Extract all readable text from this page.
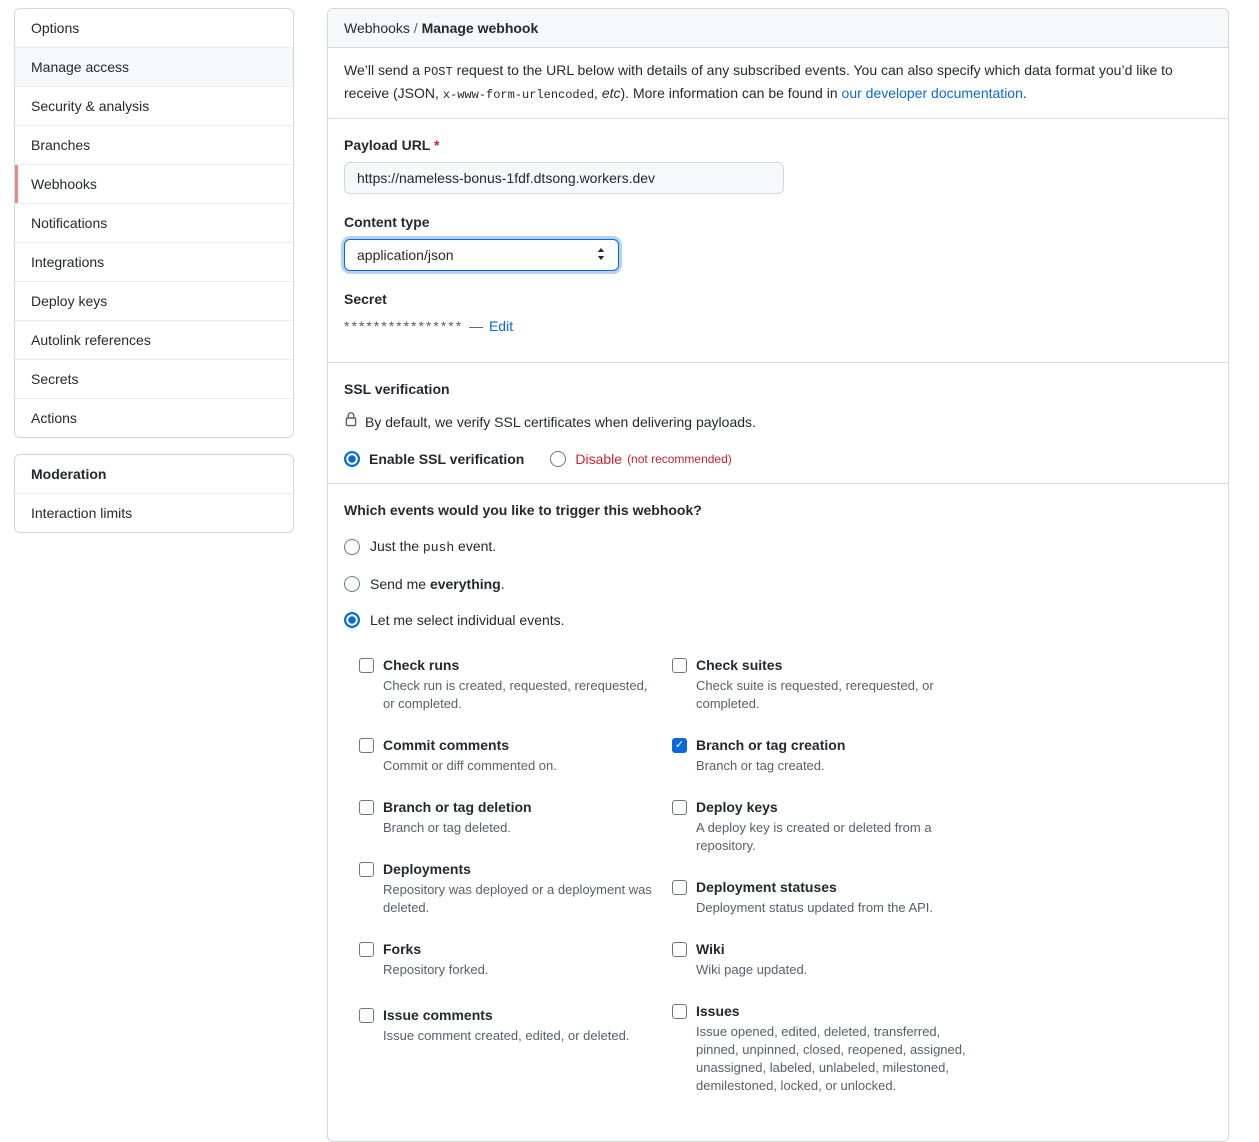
Options
Manage access
Security & analysis
Branches
Webhooks
Notifications
Integrations
Deploy keys
Autolink references
Secrets
Actions
Moderation
Interaction limits
Webhooks / Manage webhook

We’ll send a POST request to the URL below with details of any subscribed events. You can also specify which data format you’d like to receive (JSON, x-www-form-urlencoded, etc). More information can be found in our developer documentation.

Payload URL *
https://nameless-bonus-1fdf.dtsong.workers.dev
Content type
application/json
Secret
**************** — Edit
SSL verification
By default, we verify SSL certificates when delivering payloads.
Enable SSL verification	Disable (not recommended)
Which events would you like to trigger this webhook?
Just the push event.
Send me everything.
Let me select individual events.
Check runs
Check run is created, requested, rerequested, or completed.
Commit comments
Commit or diff commented on.
Branch or tag deletion
Branch or tag deleted.
Deployments
Repository was deployed or a deployment was deleted.
Forks
Repository forked.
Issue comments
Issue comment created, edited, or deleted.
Check suites
Check suite is requested, rerequested, or completed.
✓ Branch or tag creation
Branch or tag created.
Deploy keys
A deploy key is created or deleted from a repository.
Deployment statuses
Deployment status updated from the API.
Wiki
Wiki page updated.
Issues
Issue opened, edited, deleted, transferred, pinned, unpinned, closed, reopened, assigned, unassigned, labeled, unlabeled, milestoned, demilestoned, locked, or unlocked.
